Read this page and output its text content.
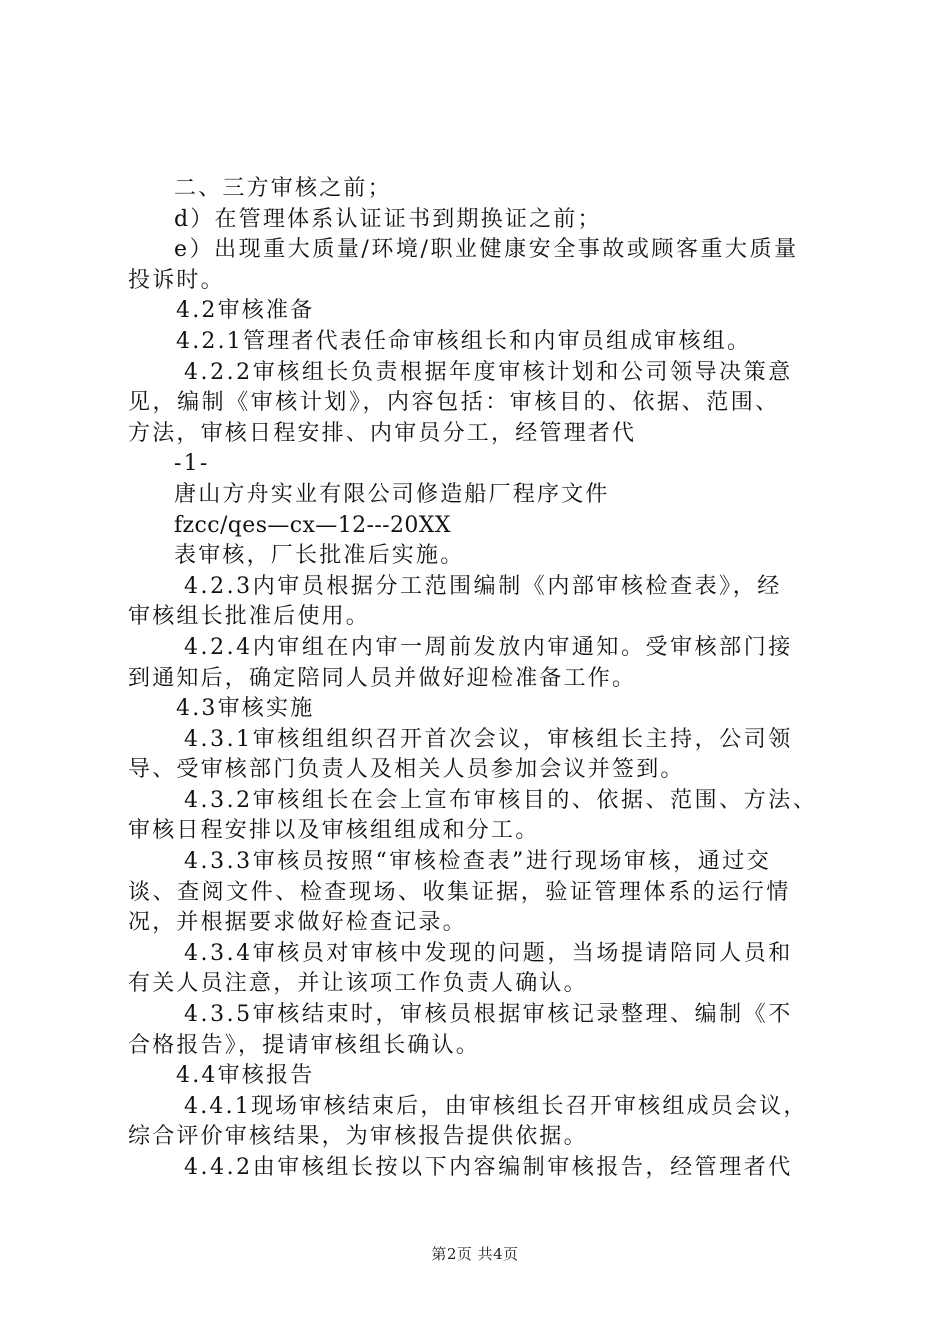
二、三方审核之前；
d）在管理体系认证证书到期换证之前；
e）出现重大质量/环境/职业健康安全事故或顾客重大质量
投诉时。
4.2审核准备
4.2.1管理者代表任命审核组长和内审员组成审核组。
4.2.2审核组长负责根据年度审核计划和公司领导决策意
见，编制《审核计划》，内容包括：审核目的、依据、范围、
方法，审核日程安排、内审员分工，经管理者代
-1-
唐山方舟实业有限公司修造船厂程序文件
fzcc/qes—cx—12---20XX
表审核，厂长批准后实施。
4.2.3内审员根据分工范围编制《内部审核检查表》，经
审核组长批准后使用。
4.2.4内审组在内审一周前发放内审通知。受审核部门接
到通知后，确定陪同人员并做好迎检准备工作。
4.3审核实施
4.3.1审核组组织召开首次会议，审核组长主持，公司领
导、受审核部门负责人及相关人员参加会议并签到。
4.3.2审核组长在会上宣布审核目的、依据、范围、方法、
审核日程安排以及审核组组成和分工。
4.3.3审核员按照“审核检查表”进行现场审核，通过交
谈、查阅文件、检查现场、收集证据，验证管理体系的运行情
况，并根据要求做好检查记录。
4.3.4审核员对审核中发现的问题，当场提请陪同人员和
有关人员注意，并让该项工作负责人确认。
4.3.5审核结束时，审核员根据审核记录整理、编制《不
合格报告》，提请审核组长确认。
4.4审核报告
4.4.1现场审核结束后，由审核组长召开审核组成员会议，
综合评价审核结果，为审核报告提供依据。
4.4.2由审核组长按以下内容编制审核报告，经管理者代
第2页 共4页
